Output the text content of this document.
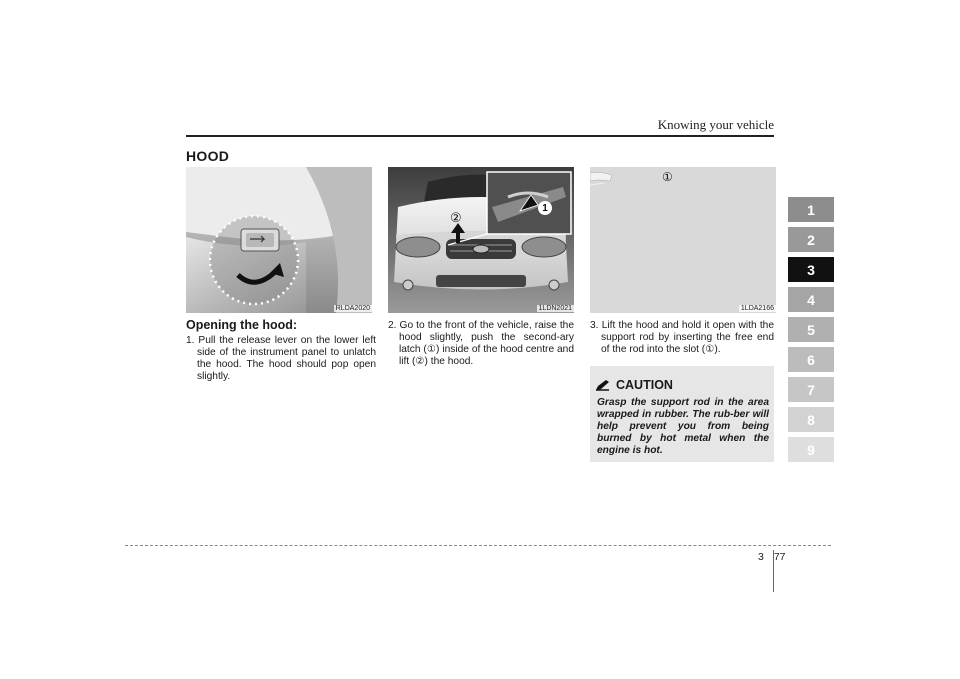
Knowing your vehicle
HOOD
RLDA2020
②
1
1LDN2021
①
1LDA2166
Opening the hood:

1. Pull the release lever on the lower left side of the instrument panel to unlatch the hood. The hood should pop open slightly.

2. Go to the front of the vehicle, raise the hood slightly, push the second-ary latch (①) inside of the hood centre and lift (②) the hood.

3. Lift the hood and hold it open with the support rod by inserting the free end of the rod into the slot (①).

CAUTION
Grasp the support rod in the area wrapped in rubber. The rub-ber will help prevent you from being burned by hot metal when the engine is hot.
1
2
3
4
5
6
7
8
9
3 77
